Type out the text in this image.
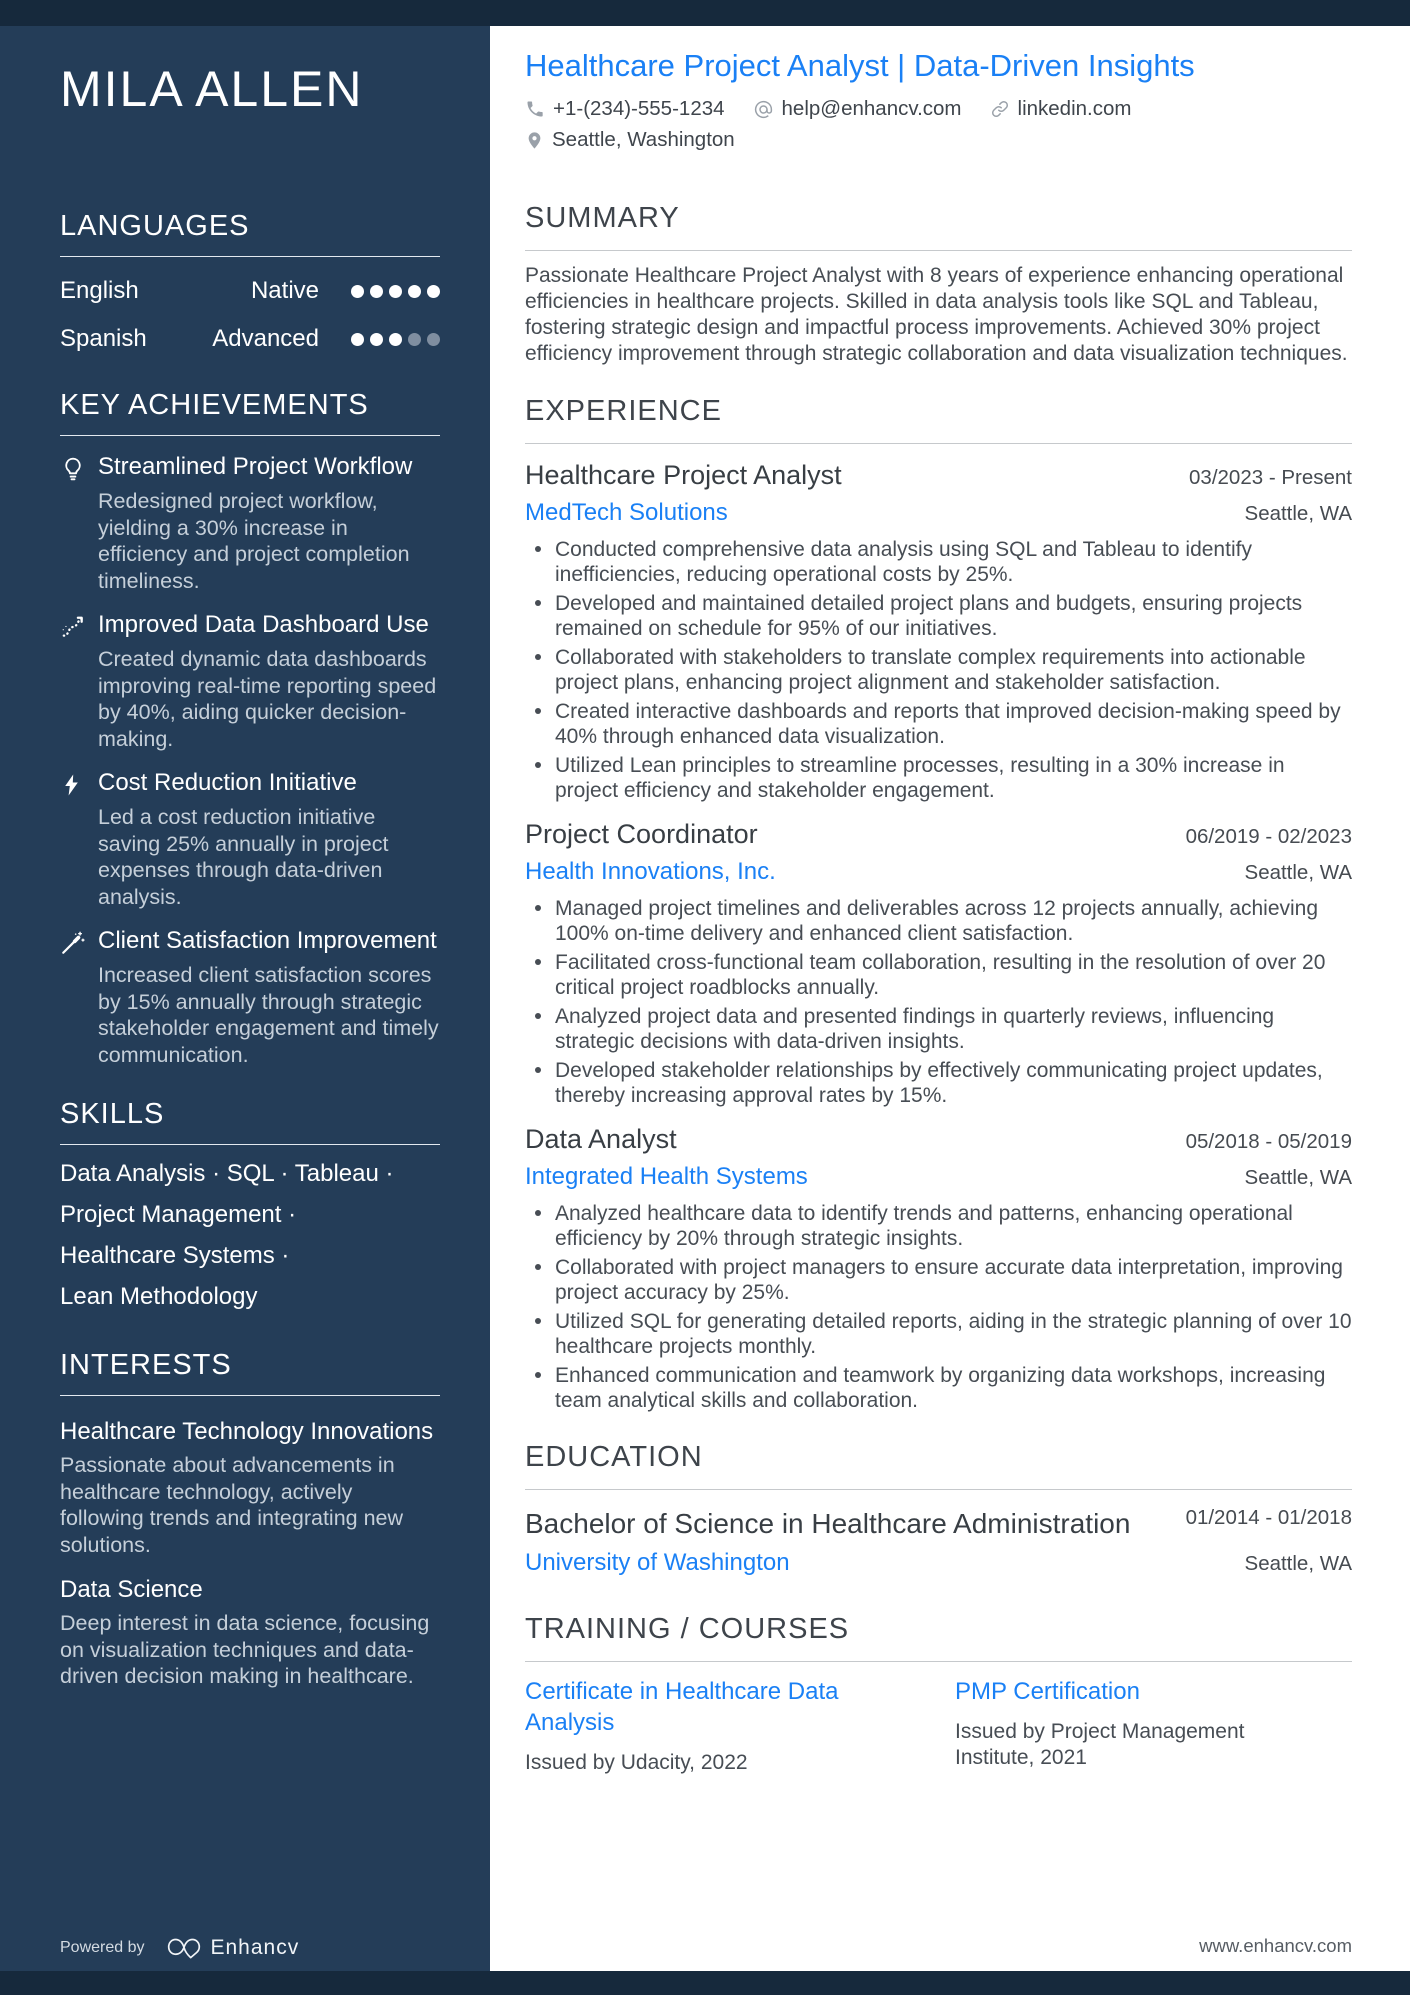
MILA ALLEN
LANGUAGES
English	Native
Spanish	Advanced
KEY ACHIEVEMENTS
Streamlined Project Workflow
Redesigned project workflow, yielding a 30% increase in efficiency and project completion timeliness.
Improved Data Dashboard Use
Created dynamic data dashboards improving real-time reporting speed by 40%, aiding quicker decision-making.
Cost Reduction Initiative
Led a cost reduction initiative saving 25% annually in project expenses through data-driven analysis.
Client Satisfaction Improvement
Increased client satisfaction scores by 15% annually through strategic stakeholder engagement and timely communication.
SKILLS
Data Analysis · SQL · Tableau ·
Project Management ·
Healthcare Systems ·
Lean Methodology
INTERESTS
Healthcare Technology Innovations
Passionate about advancements in healthcare technology, actively following trends and integrating new solutions.
Data Science
Deep interest in data science, focusing on visualization techniques and data-driven decision making in healthcare.
Powered by	Enhancv
Healthcare Project Analyst | Data-Driven Insights
+1-(234)-555-1234	help@enhancv.com	linkedin.com
Seattle, Washington
SUMMARY

Passionate Healthcare Project Analyst with 8 years of experience enhancing operational efficiencies in healthcare projects. Skilled in data analysis tools like SQL and Tableau, fostering strategic design and impactful process improvements. Achieved 30% project efficiency improvement through strategic collaboration and data visualization techniques.

EXPERIENCE
Healthcare Project Analyst	03/2023 - Present
MedTech Solutions	Seattle, WA
Conducted comprehensive data analysis using SQL and Tableau to identify inefficiencies, reducing operational costs by 25%.
Developed and maintained detailed project plans and budgets, ensuring projects remained on schedule for 95% of our initiatives.
Collaborated with stakeholders to translate complex requirements into actionable project plans, enhancing project alignment and stakeholder satisfaction.
Created interactive dashboards and reports that improved decision-making speed by 40% through enhanced data visualization.
Utilized Lean principles to streamline processes, resulting in a 30% increase in project efficiency and stakeholder engagement.
Project Coordinator	06/2019 - 02/2023
Health Innovations, Inc.	Seattle, WA
Managed project timelines and deliverables across 12 projects annually, achieving 100% on-time delivery and enhanced client satisfaction.
Facilitated cross-functional team collaboration, resulting in the resolution of over 20 critical project roadblocks annually.
Analyzed project data and presented findings in quarterly reviews, influencing strategic decisions with data-driven insights.
Developed stakeholder relationships by effectively communicating project updates, thereby increasing approval rates by 15%.
Data Analyst	05/2018 - 05/2019
Integrated Health Systems	Seattle, WA
Analyzed healthcare data to identify trends and patterns, enhancing operational efficiency by 20% through strategic insights.
Collaborated with project managers to ensure accurate data interpretation, improving project accuracy by 25%.
Utilized SQL for generating detailed reports, aiding in the strategic planning of over 10 healthcare projects monthly.
Enhanced communication and teamwork by organizing data workshops, increasing team analytical skills and collaboration.
EDUCATION
Bachelor of Science in Healthcare Administration	01/2014 - 01/2018
University of Washington	Seattle, WA
TRAINING / COURSES
Certificate in Healthcare Data Analysis
Issued by Udacity, 2022
PMP Certification
Issued by Project Management Institute, 2021
www.enhancv.com
